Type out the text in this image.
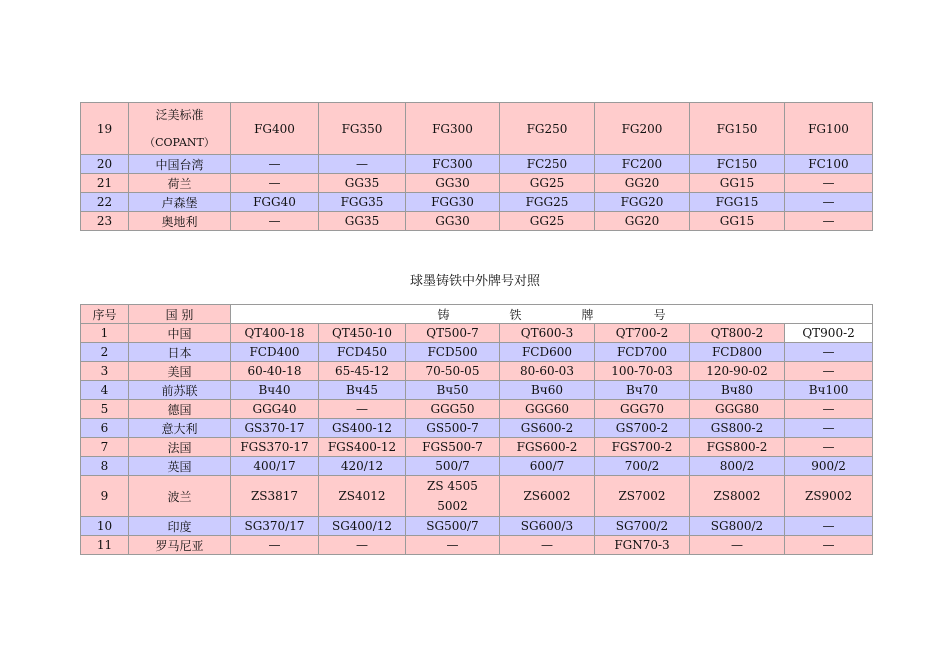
19	泛美标准
（COPANT）	FG400	FG350	FG300	FG250	FG200	FG150	FG100
20	中国台湾	—	—	FC300	FC250	FC200	FC150	FC100
21	荷兰	—	GG35	GG30	GG25	GG20	GG15	—
22	卢森堡	FGG40	FGG35	FGG30	FGG25	FGG20	FGG15	—
23	奥地利	—	GG35	GG30	GG25	GG20	GG15	—
球墨铸铁中外牌号对照
序号	国 别	铸 铁 牌 号						
1	中国	QT400-18	QT450-10	QT500-7	QT600-3	QT700-2	QT800-2	QT900-2
2	日本	FCD400	FCD450	FCD500	FCD600	FCD700	FCD800	—
3	美国	60-40-18	65-45-12	70-50-05	80-60-03	100-70-03	120-90-02	—
4	前苏联	Bч40	Bч45	Bч50	Bч60	Bч70	Bч80	Bч100
5	德国	GGG40	—	GGG50	GGG60	GGG70	GGG80	—
6	意大利	GS370-17	GS400-12	GS500-7	GS600-2	GS700-2	GS800-2	—
7	法国	FGS370-17	FGS400-12	FGS500-7	FGS600-2	FGS700-2	FGS800-2	—
8	英国	400/17	420/12	500/7	600/7	700/2	800/2	900/2
9	波兰	ZS3817	ZS4012	ZS 4505
5002	ZS6002	ZS7002	ZS8002	ZS9002
10	印度	SG370/17	SG400/12	SG500/7	SG600/3	SG700/2	SG800/2	—
11	罗马尼亚	—	—	—	—	FGN70-3	—	—
